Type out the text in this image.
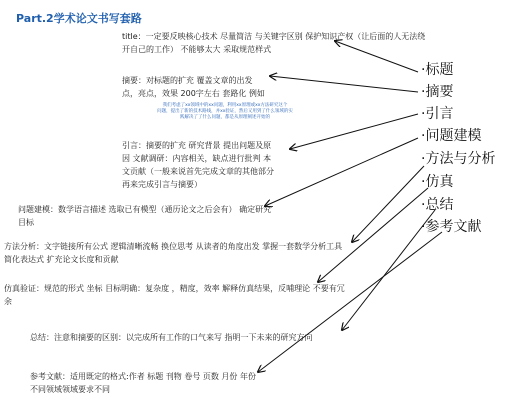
Part.2学术论文书写套路
title：一定要反映核心技术 尽量简洁 与关键字区别 保护知识产权（让后面的人无法绕
开自己的工作） 不能够太大 采取规范样式
摘要：对标题的扩充 覆盖文章的出发
点，亮点，效果 200字左右 套路化 例如
我们考虑了xx领域中的xx问题，利用xx原理或xx方法研究这个
问题，提出了新的技术路线，并xx验证，然后又用到了什么领域的实
践解决了了什么问题，都是从原理阐述开始的
引言：摘要的扩充 研究背景 提出问题及原
因 文献调研：内容相关，缺点进行批判 本
文贡献（一般来说首先完成文章的其他部分
再来完成引言与摘要）
问题建模：数学语言描述 选取已有模型（通历论文之后会有） 确定研究
目标
方法分析：文字链接所有公式 逻辑清晰流畅 换位思考 从读者的角度出发 掌握一套数学分析工具
简化表达式 扩充论文长度和贡献
仿真验证：规范的形式 坐标 目标明确：复杂度 ，精度，效率 解释仿真结果，反哺理论 不要有冗
余
总结：注意和摘要的区别：以完成所有工作的口气来写 指明一下未来的研究方向
参考文献：适用既定的格式:作者 标题 刊物 卷号 页数 月份 年份
不同领域领域要求不同
·标题
·摘要
·引言
·问题建模
·方法与分析
·仿真
·总结
·参考文献
